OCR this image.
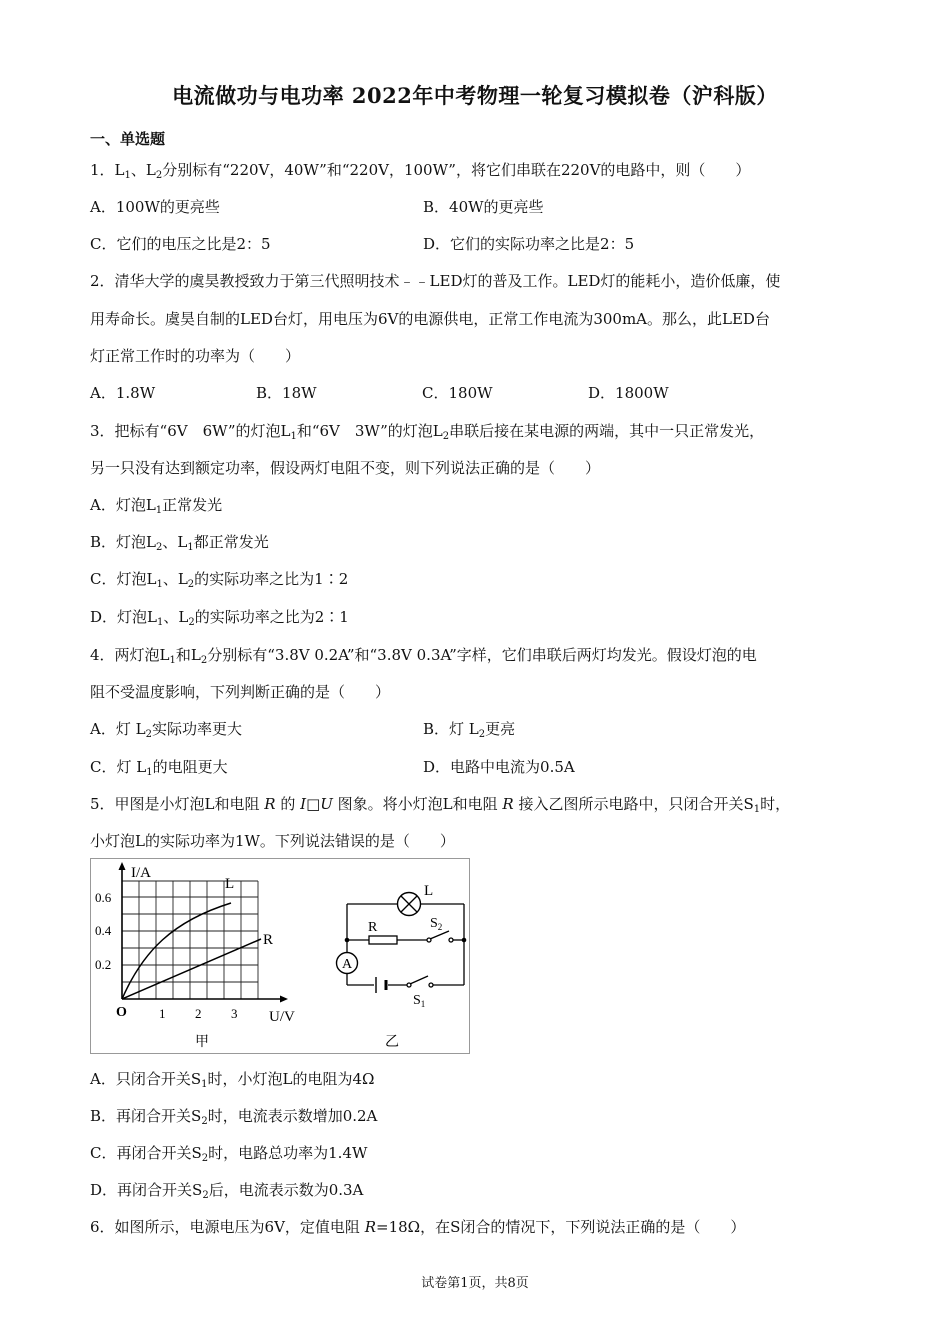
电流做功与电功率 2022年中考物理一轮复习模拟卷（沪科版）
一、单选题
1．$L_1$、$L_2$分别标有“220V，40W”和“220V，100W”，将它们串联在220V的电路中，则（　　）
A．100W的更亮些	B．40W的更亮些
C．它们的电压之比是2：5	D．它们的实际功率之比是2：5
2．清华大学的虞昊教授致力于第三代照明技术﹣﹣LED灯的普及工作。LED灯的能耗小，造价低廉，使
用寿命长。虞昊自制的LED台灯，用电压为6V的电源供电，正常工作电流为300mA。那么，此LED台
灯正常工作时的功率为（　　）
A．1.8W	B．18W	C．180W	D．1800W
3．把标有“6V　6W”的灯泡$L_1$和“6V　3W”的灯泡$L_2$串联后接在某电源的两端，其中一只正常发光，
另一只没有达到额定功率，假设两灯电阻不变，则下列说法正确的是（　　）
A．灯泡$L_1$正常发光
B．灯泡$L_2$、$L_1$都正常发光
C．灯泡$L_1$、$L_2$的实际功率之比为1∶2
D．灯泡$L_1$、$L_2$的实际功率之比为2∶1
4．两灯泡$L_1$和$L_2$分别标有“3.8V 0.2A”和“3.8V 0.3A”字样，它们串联后两灯均发光。假设灯泡的电
阻不受温度影响，下列判断正确的是（　　）
A．灯 $L_2$实际功率更大	B．灯 $L_2$更亮
C．灯 $L_1$的电阻更大	D．电路中电流为0.5A
5．甲图是小灯泡L和电阻 R 的 I□U 图象。将小灯泡L和电阻 R 接入乙图所示电路中，只闭合开关$S_1$时，
小灯泡L的实际功率为1W。下列说法错误的是（　　）
I/A
U/V
O
0.6
0.4
0.2
1 2 3
L
R
甲
A
L
R	$S_2$
$S_1$
乙
A．只闭合开关$S_1$时，小灯泡L的电阻为4Ω
B．再闭合开关$S_2$时，电流表示数增加0.2A
C．再闭合开关$S_2$时，电路总功率为1.4W
D．再闭合开关$S_2$后，电流表示数为0.3A
6．如图所示，电源电压为6V，定值电阻 R=18Ω，在S闭合的情况下，下列说法正确的是（　　）
试卷第1页，共8页
